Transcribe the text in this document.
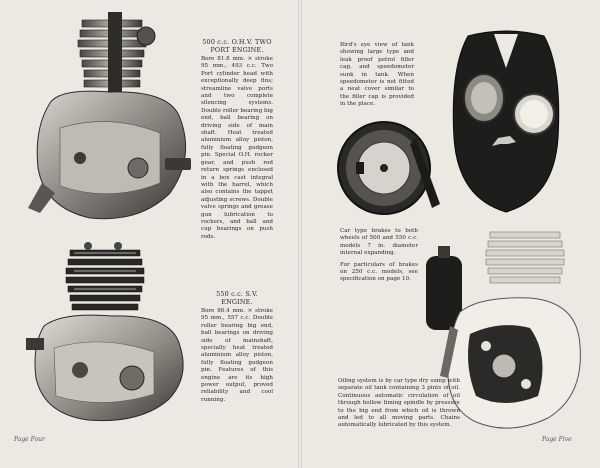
500 c.c. O.H.V. TWO
PORT ENGINE.
Bore 81.8 mm. × stroke 95 mm., 493 c.c. Two Port cylinder head with exceptionally deep fins; streamline valve ports and two complete silencing systems. Double roller bearing big end, ball bearing on driving side of main shaft. Heat treated aluminium alloy piston, fully floating gudgeon pin. Special O.H. rocker gear, and push rod return springs enclosed in a box cast integral with the barrel, which also contains the tappet adjusting screws. Double valve springs and grease gun lubrication to rockers, and ball and cup bearings on push rods.
550 c.c. S.V. ENGINE.
Bore 86.4 mm. × stroke 95 mm., 557 c.c. Double roller bearing big end, ball bearings on driving side of mainshaft, specially heat treated aluminium alloy piston, fully floating gudgeon pin. Features of this engine are its high power output, proved reliability and cool running.
Page Four
Bird's eye view of tank showing large type and leak proof petrol filler cap, and speedometer sunk in tank. When speedometer is not fitted a neat cover similar to the filler cap is provided in the place.
Car type brakes to both wheels of 500 and 550 c.c. models 7 in. diameter internal expanding.
For particulars of brakes on 250 c.c. models, see specification on page 10.
Oiling system is by car type dry sump with separate oil tank containing 3 pints of oil. Continuous automatic circulation of oil through hollow timing spindle by pressure to the big end from which oil is thrown and led to all moving parts. Chains automatically lubricated by this system.
Page Five
